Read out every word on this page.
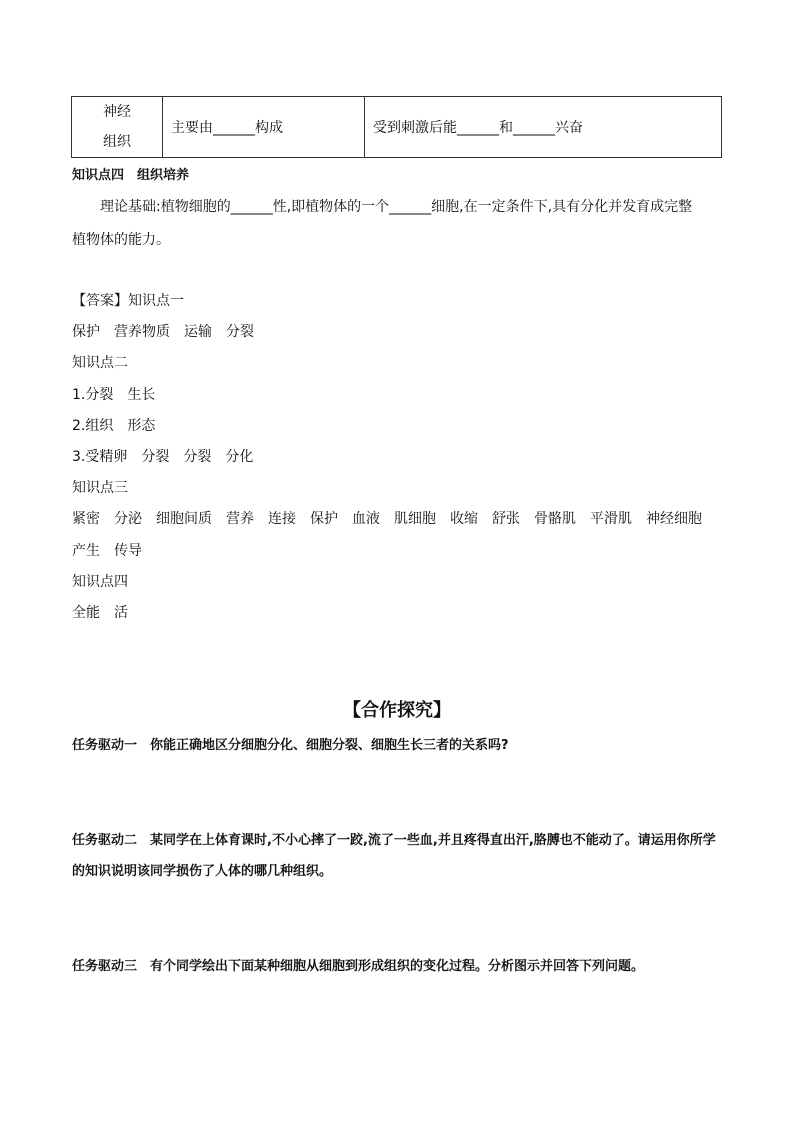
神经
组织
	主要由______构成	受到刺激后能______和______兴奋
知识点四　组织培养
理论基础:植物细胞的______性,即植物体的一个______细胞,在一定条件下,具有分化并发育成完整
植物体的能力。
【答案】知识点一
保护　营养物质　运输　分裂
知识点二
1.分裂　生长
2.组织　形态
3.受精卵　分裂　分裂　分化
知识点三
紧密　分泌　细胞间质　营养　连接　保护　血液　肌细胞　收缩　舒张　骨骼肌　平滑肌　神经细胞
产生　传导
知识点四
全能　活
【合作探究】
任务驱动一　你能正确地区分细胞分化、细胞分裂、细胞生长三者的关系吗?
任务驱动二　某同学在上体育课时,不小心摔了一跤,流了一些血,并且疼得直出汗,胳膊也不能动了。请运用你所学的知识说明该同学损伤了人体的哪几种组织。
任务驱动三　有个同学绘出下面某种细胞从细胞到形成组织的变化过程。分析图示并回答下列问题。
